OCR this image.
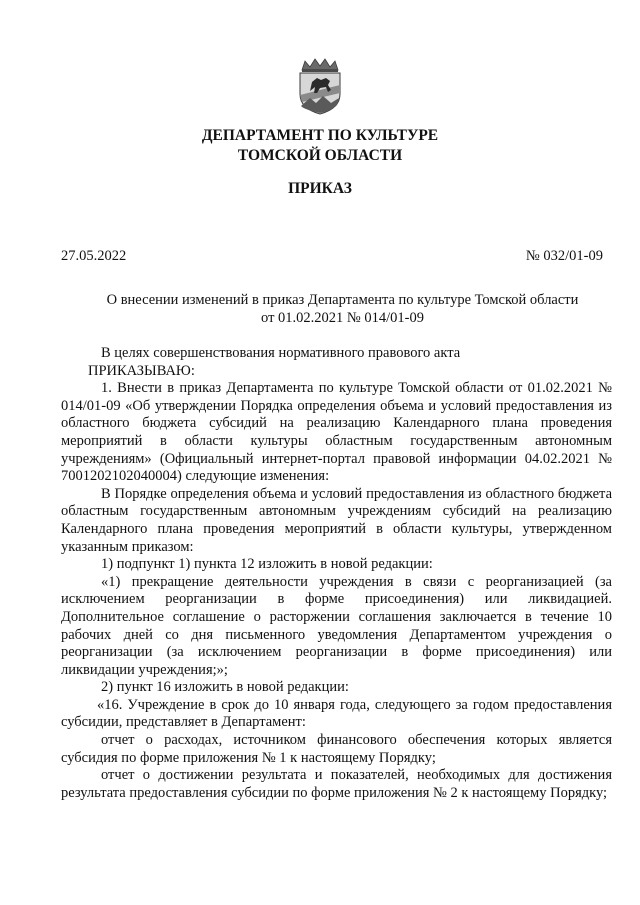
ДЕПАРТАМЕНТ ПО КУЛЬТУРЕ
ТОМСКОЙ ОБЛАСТИ
ПРИКАЗ
27.05.2022	№ 032/01-09
О внесении изменений в приказ Департамента по культуре Томской области
от 01.02.2021 № 014/01-09

В целях совершенствования нормативного правового акта

ПРИКАЗЫВАЮ:

1. Внести в приказ Департамента по культуре Томской области от 01.02.2021 № 014/01-09 «Об утверждении Порядка определения объема и условий предоставления из областного бюджета субсидий на реализацию Календарного плана проведения мероприятий в области культуры областным государственным автономным учреждениям» (Официальный интернет-портал правовой информации 04.02.2021 № 7001202102040004) следующие изменения:

В Порядке определения объема и условий предоставления из областного бюджета областным государственным автономным учреждениям субсидий на реализацию Календарного плана проведения мероприятий в области культуры, утвержденном указанным приказом:

1) подпункт 1) пункта 12 изложить в новой редакции:

«1) прекращение деятельности учреждения в связи с реорганизацией (за исключением реорганизации в форме присоединения) или ликвидацией. Дополнительное соглашение о расторжении соглашения заключается в течение 10 рабочих дней со дня письменного уведомления Департаментом учреждения о реорганизации (за исключением реорганизации в форме присоединения) или ликвидации учреждения;»;

2) пункт 16 изложить в новой редакции:

«16. Учреждение в срок до 10 января года, следующего за годом предоставления субсидии, представляет в Департамент:

отчет о расходах, источником финансового обеспечения которых является субсидия по форме приложения № 1 к настоящему Порядку;

отчет о достижении результата и показателей, необходимых для достижения результата предоставления субсидии по форме приложения № 2 к настоящему Порядку;
